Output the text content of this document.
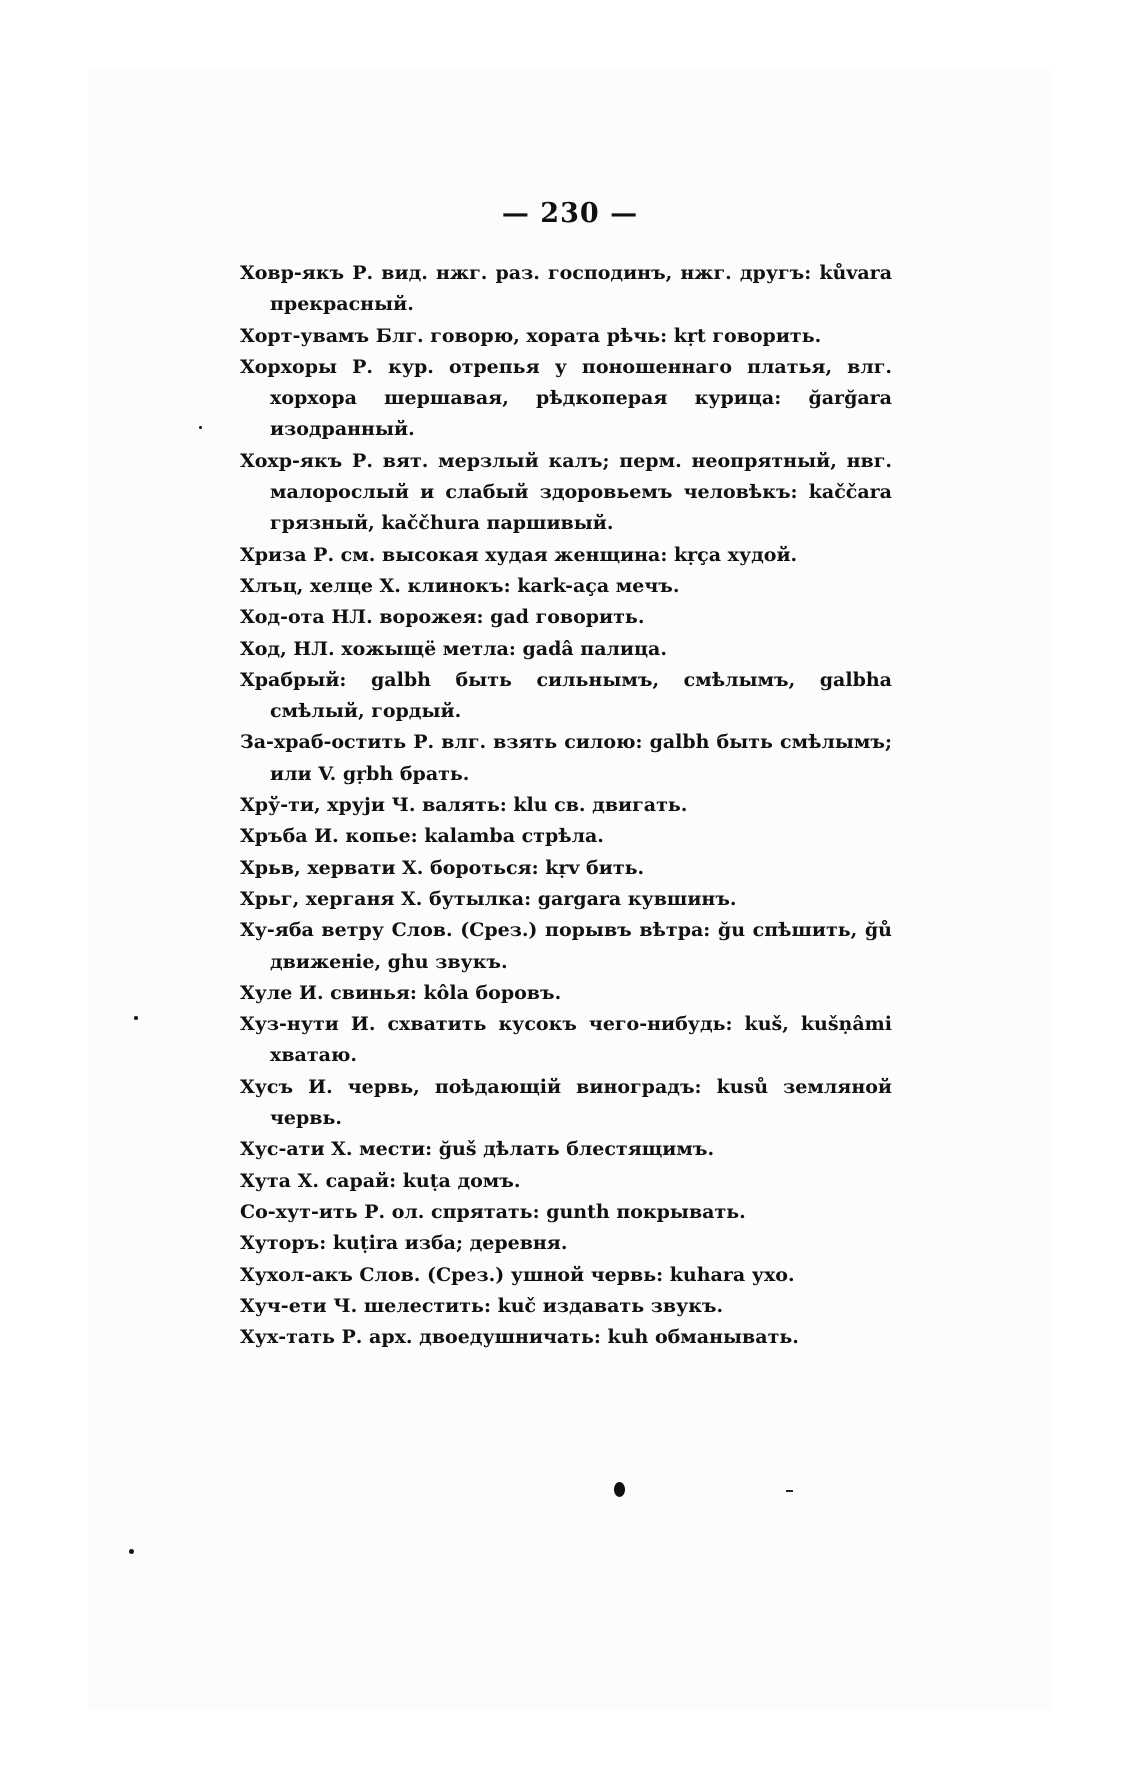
— 230 —

Ховр-якъ Р. вид. нжг. раз. господинъ, нжг. другъ: kůvara прекрасный.

Хорт-увамъ Блг. говорю, хората рѣчь: kṛt говорить.

Хорхоры Р. кур. отрепья у поношеннаго платья, влг. хорхора шершавая, рѣдкоперая курица: ğarğara изодранный.

Хохр-якъ Р. вят. мерзлый калъ; перм. неопрятный, нвг. малорослый и слабый здоровьемъ человѣкъ: kaččara грязный, kaččhura паршивый.

Хриза Р. см. высокая худая женщина: kṛça худой.

Хлъц, хелце Х. клинокъ: kark-aça мечъ.

Ход-ота НЛ. ворожея: gad говорить.

Ход, НЛ. хожыщё метла: gadâ палица.

Храбрый: galbh быть сильнымъ, смѣлымъ, galbha смѣлый, гордый.

За-храб-остить Р. влг. взять силою: galbh быть смѣлымъ; или V. gṛbh брать.

Хрў-ти, хруји Ч. валять: klu св. двигать.

Хръба И. копье: kalamba стрѣла.

Хрьв, хервати Х. бороться: kṛv бить.

Хрьг, херганя Х. бутылка: gargara кувшинъ.

Ху-яба ветру Слов. (Срез.) порывъ вѣтра: ğu спѣшить, ğů движеніе, ghu звукъ.

Хуле И. свинья: kôla боровъ.

Хуз-нути И. схватить кусокъ чего-нибудь: kuš, kušṇâmi хватаю.

Хусъ И. червь, поѣдающій виноградъ: kusů земляной червь.

Хус-ати Х. мести: ğuš дѣлать блестящимъ.

Хута Х. сарай: kuṭa домъ.

Со-хут-ить Р. ол. спрятать: gunth покрывать.

Хуторъ: kuṭira изба; деревня.

Хухол-акъ Слов. (Срез.) ушной червь: kuhara ухо.

Хуч-ети Ч. шелестить: kuč издавать звукъ.

Хух-тать Р. арх. двоедушничать: kuh обманывать.
